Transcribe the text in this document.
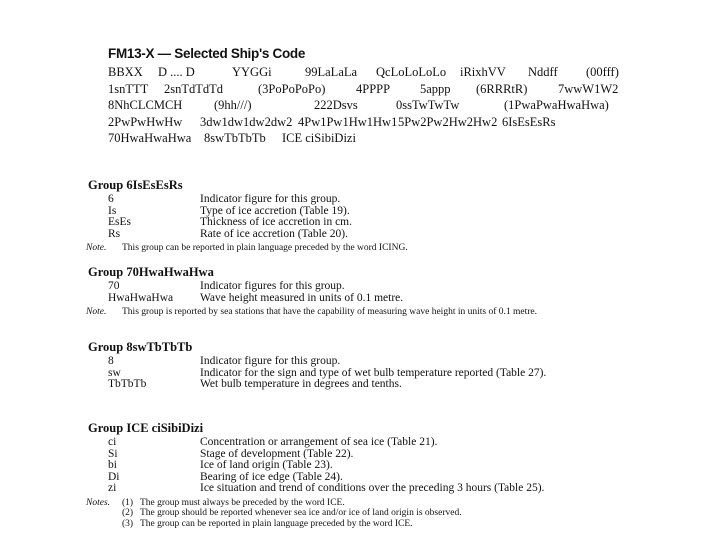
FM13-X — Selected Ship's Code
BBXX D .... D	YYGGi	99LaLaLa QcLoLoLoLo iRixhVV Nddff (00fff)
1snTTT 2snTdTdTd	(3PoPoPoPo) 4PPPP 5appp (6RRRtR) 7wwW1W2
8NhCLCMCH	(9hh///)	222Dsvs	0ssTwTwTw	(1PwaPwaHwaHwa)
2PwPwHwHw 3dw1dw1dw2dw2 4Pw1Pw1Hw1Hw1 5Pw2Pw2Hw2Hw2 6IsEsEsRs
70HwaHwaHwa 8swTbTbTb ICE ciSibiDizi
Group 6IsEsEsRs
6	Indicator figure for this group.
Is	Type of ice accretion (Table 19).
EsEs	Thickness of ice accretion in cm.
Rs	Rate of ice accretion (Table 20).
Note. This group can be reported in plain language preceded by the word ICING.
Group 70HwaHwaHwa
70	Indicator figures for this group.
HwaHwaHwa	Wave height measured in units of 0.1 metre.
Note. This group is reported by sea stations that have the capability of measuring wave height in units of 0.1 metre.
Group 8swTbTbTb
8	Indicator figure for this group.
sw	Indicator for the sign and type of wet bulb temperature reported (Table 27).
TbTbTb	Wet bulb temperature in degrees and tenths.
Group ICE ciSibiDizi
ci	Concentration or arrangement of sea ice (Table 21).
Si	Stage of development (Table 22).
bi	Ice of land origin (Table 23).
Di	Bearing of ice edge (Table 24).
zi	Ice situation and trend of conditions over the preceding 3 hours (Table 25).
Notes. (1) The group must always be preceded by the word ICE.
(2) The group should be reported whenever sea ice and/or ice of land origin is observed.
(3) The group can be reported in plain language preceded by the word ICE.
